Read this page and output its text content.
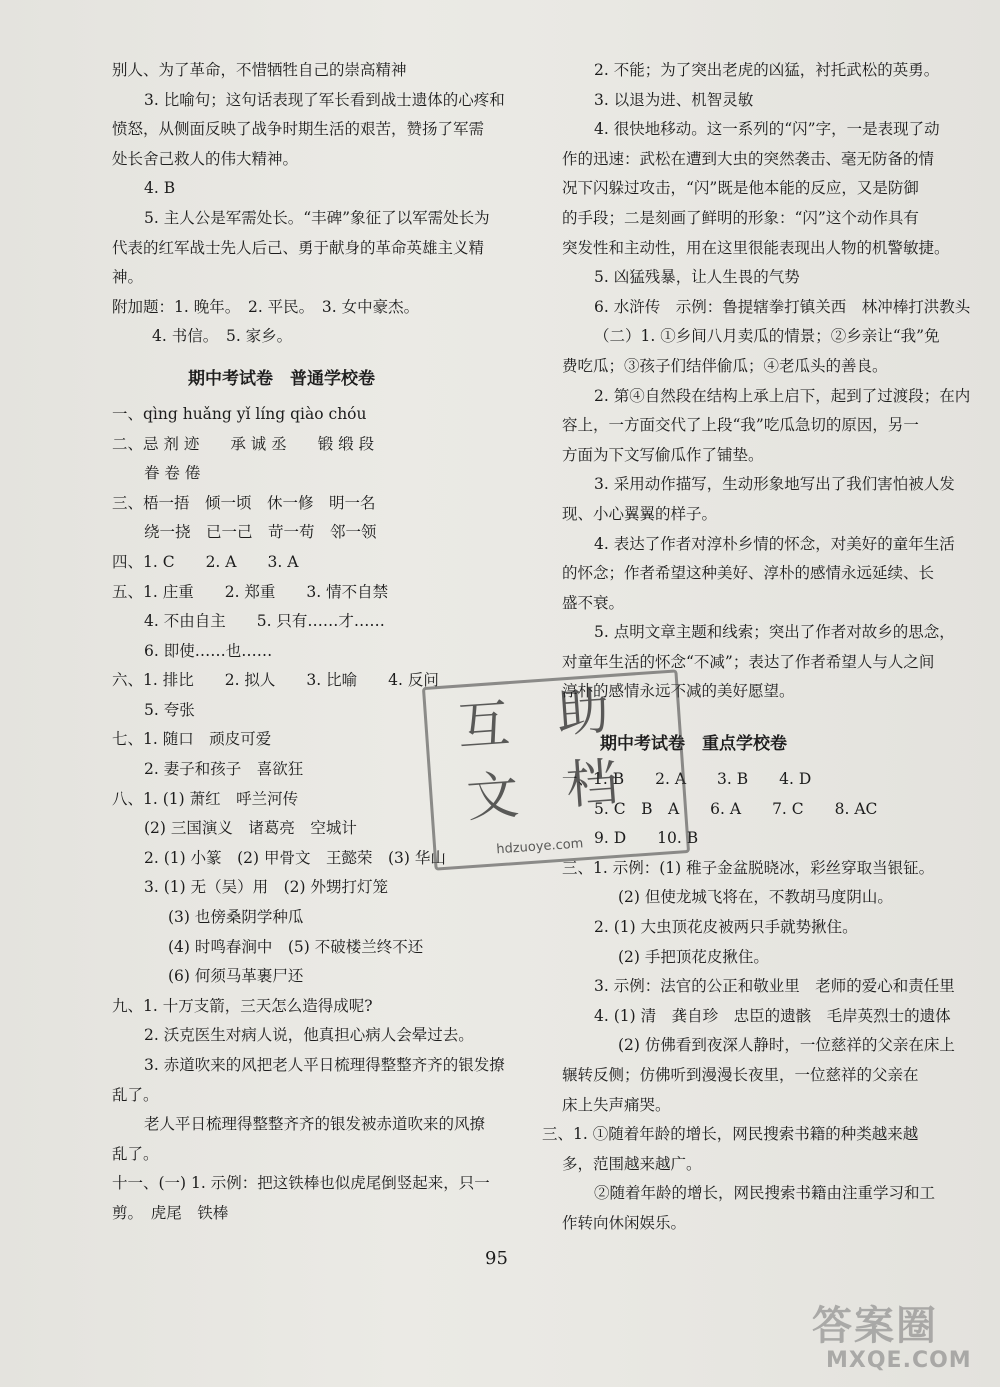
别人、为了革命，不惜牺牲自己的崇高精神
3. 比喻句；这句话表现了军长看到战士遗体的心疼和
愤怒，从侧面反映了战争时期生活的艰苦，赞扬了军需
处长舍己救人的伟大精神。
4. B
5. 主人公是军需处长。“丰碑”象征了以军需处长为
代表的红军战士先人后己、勇于献身的革命英雄主义精
神。
附加题：1. 晚年。　2. 平民。　3. 女中豪杰。
4. 书信。　5. 家乡。
期中考试卷　普通学校卷
一、qìng huǎng yǐ líng qiào chóu
二、忌 剂 迹　　承 诚 丞　　锻 缎 段
眷 卷 倦
三、梧一捂　倾一顷　休一修　明一名
绕一挠　已一己　苛一苟　邻一领
四、1. C　　2. A　　3. A
五、1. 庄重　　2. 郑重　　3. 情不自禁
4. 不由自主　　5. 只有……才……
6. 即使……也……
六、1. 排比　　2. 拟人　　3. 比喻　　4. 反问
5. 夸张
七、1. 随口　顽皮可爱
2. 妻子和孩子　喜欲狂
八、1. (1) 萧红　呼兰河传
(2) 三国演义　诸葛亮　空城计
2. (1) 小篆　(2) 甲骨文　王懿荣　(3) 华山
3. (1) 无（吴）用　(2) 外甥打灯笼
(3) 也傍桑阴学种瓜
(4) 时鸣春涧中　(5) 不破楼兰终不还
(6) 何须马革裹尸还
九、1. 十万支箭，三天怎么造得成呢?
2. 沃克医生对病人说，他真担心病人会晕过去。
3. 赤道吹来的风把老人平日梳理得整整齐齐的银发撩
乱了。
老人平日梳理得整整齐齐的银发被赤道吹来的风撩
乱了。
十一、(一) 1. 示例：把这铁棒也似虎尾倒竖起来，只一
剪。　虎尾　铁棒
2. 不能；为了突出老虎的凶猛，衬托武松的英勇。
3. 以退为进、机智灵敏
4. 很快地移动。这一系列的“闪”字，一是表现了动
作的迅速：武松在遭到大虫的突然袭击、毫无防备的情
况下闪躲过攻击，“闪”既是他本能的反应，又是防御
的手段；二是刻画了鲜明的形象：“闪”这个动作具有
突发性和主动性，用在这里很能表现出人物的机警敏捷。
5. 凶猛残暴，让人生畏的气势
6. 水浒传　示例：鲁提辖拳打镇关西　林冲棒打洪教头
（二）1. ①乡间八月卖瓜的情景；②乡亲让“我”免
费吃瓜；③孩子们结伴偷瓜；④老瓜头的善良。
2. 第④自然段在结构上承上启下，起到了过渡段；在内
容上，一方面交代了上段“我”吃瓜急切的原因，另一
方面为下文写偷瓜作了铺垫。
3. 采用动作描写，生动形象地写出了我们害怕被人发
现、小心翼翼的样子。
4. 表达了作者对淳朴乡情的怀念，对美好的童年生活
的怀念；作者希望这种美好、淳朴的感情永远延续、长
盛不衰。
5. 点明文章主题和线索；突出了作者对故乡的思念，
对童年生活的怀念“不减”；表达了作者希望人与人之间
淳朴的感情永远不减的美好愿望。
期中考试卷　重点学校卷
一、1. B　　2. A　　3. B　　4. D
5. C　B　A　　6. A　　7. C　　8. AC
9. D　　10. B
三、1. 示例：(1) 稚子金盆脱晓冰，彩丝穿取当银钲。
(2) 但使龙城飞将在，不教胡马度阴山。
2. (1) 大虫顶花皮被两只手就势揪住。
(2) 手把顶花皮揪住。
3. 示例：法官的公正和敬业里　老师的爱心和责任里
4. (1) 清　龚自珍　忠臣的遗骸　毛岸英烈士的遗体
(2) 仿佛看到夜深人静时，一位慈祥的父亲在床上
辗转反侧；仿佛听到漫漫长夜里，一位慈祥的父亲在
床上失声痛哭。
三、1. ①随着年龄的增长，网民搜索书籍的种类越来越
多，范围越来越广。
②随着年龄的增长，网民搜索书籍由注重学习和工
作转向休闲娱乐。
95
互 助
文 档
hdzuoye.com
答案圈
MXQE.COM
